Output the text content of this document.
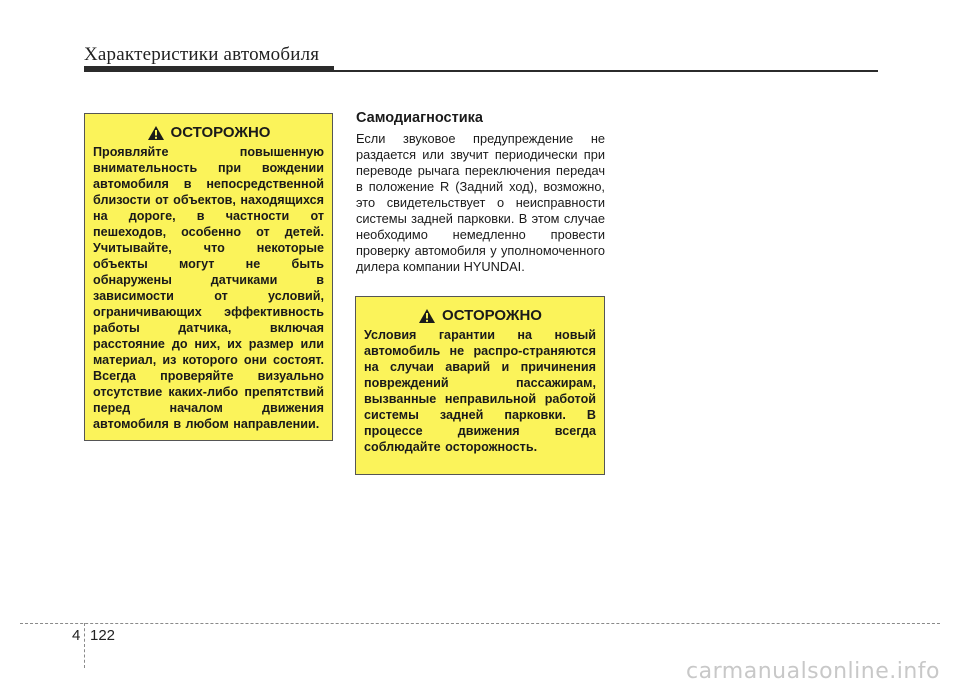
Характеристики автомобиля
ОСТОРОЖНО
Проявляйте повышенную внимательность при вождении автомобиля в непосредственной близости от объектов, находящихся на дороге, в частности от пешеходов, особенно от детей. Учитывайте, что некоторые объекты могут не быть обнаружены датчиками в зависимости от условий, ограничивающих эффективность работы датчика, включая расстояние до них, их размер или материал, из которого они состоят. Всегда проверяйте визуально отсутствие каких-либо препятствий перед началом движения автомобиля в любом направлении.
Самодиагностика
Если звуковое предупреждение не раздается или звучит периодически при переводе рычага переключения передач в положение R (Задний ход), возможно, это свидетельствует о неисправности системы задней парковки. В этом случае необходимо немедленно провести проверку автомобиля у уполномоченного дилера компании HYUNDAI.
ОСТОРОЖНО
Условия гарантии на новый автомобиль не распро-страняются на случаи аварий и причинения повреждений пассажирам, вызванные неправильной работой системы задней парковки. В процессе движения всегда соблюдайте осторожность.
4 122
carmanualsonline.info
